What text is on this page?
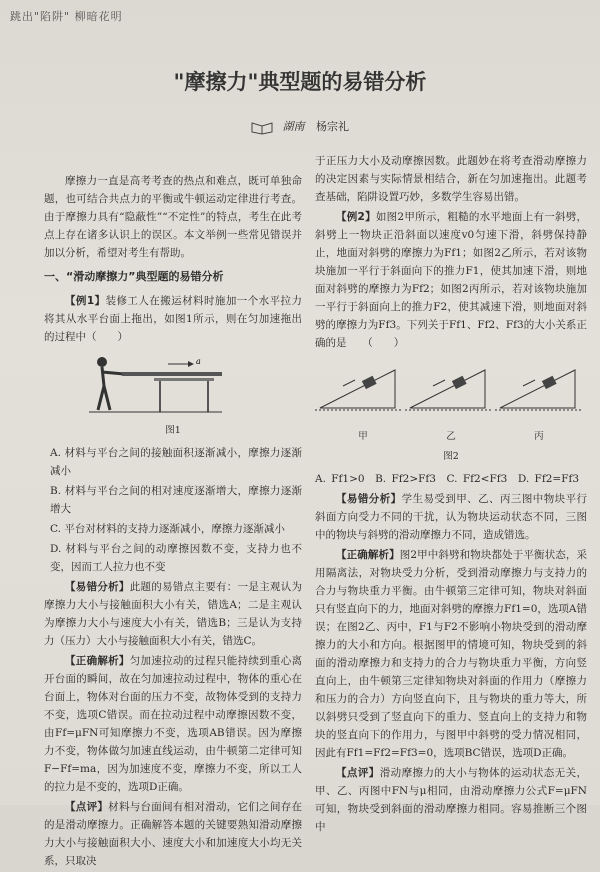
跳出"陷阱" 柳暗花明
"摩擦力"典型题的易错分析
湖南 杨宗礼

摩擦力一直是高考考查的热点和难点，既可单独命题，也可结合共点力的平衡或牛顿运动定律进行考查。由于摩擦力具有“隐蔽性”“不定性”的特点，考生在此考点上存在诸多认识上的误区。本文举例一些常见错误并加以分析，希望对考生有帮助。

一、“滑动摩擦力”典型题的易错分析

【例1】装修工人在搬运材料时施加一个水平拉力将其从水平台面上拖出，如图1所示，则在匀加速拖出的过程中（　　）

a
图1

A. 材料与平台之间的接触面积逐渐减小，摩擦力逐渐减小

B. 材料与平台之间的相对速度逐渐增大，摩擦力逐渐增大

C. 平台对材料的支持力逐渐减小，摩擦力逐渐减小

D. 材料与平台之间的动摩擦因数不变，支持力也不变，因而工人拉力也不变

【易错分析】此题的易错点主要有：一是主观认为摩擦力大小与接触面积大小有关，错选A；二是主观认为摩擦力大小与速度大小有关，错选B；三是认为支持力（压力）大小与接触面积大小有关，错选C。

【正确解析】匀加速拉动的过程只能持续到重心离开台面的瞬间，故在匀加速拉动过程中，物体的重心在台面上，物体对台面的压力不变，故物体受到的支持力不变，选项C错误。而在拉动过程中动摩擦因数不变，由Ff=μFN可知摩擦力不变，选项AB错误。因为摩擦力不变，物体做匀加速直线运动，由牛顿第二定律可知F−Ff=ma，因为加速度不变，摩擦力不变，所以工人的拉力是不变的，选项D正确。

【点评】材料与台面间有相对滑动，它们之间存在的是滑动摩擦力。正确解答本题的关键要熟知滑动摩擦力大小与接触面积大小、速度大小和加速度大小均无关系，只取决

于正压力大小及动摩擦因数。此题妙在将考查滑动摩擦力的决定因素与实际情景相结合，新在匀加速拖出。此题考查基础，陷阱设置巧妙，多数学生容易出错。

【例2】如图2甲所示，粗糙的水平地面上有一斜劈，斜劈上一物块正沿斜面以速度v0匀速下滑，斜劈保持静止，地面对斜劈的摩擦力为Ff1；如图2乙所示，若对该物块施加一平行于斜面向下的推力F1，使其加速下滑，则地面对斜劈的摩擦力为Ff2；如图2丙所示，若对该物块施加一平行于斜面向上的推力F2，使其减速下滑，则地面对斜劈的摩擦力为Ff3。下列关于Ff1、Ff2、Ff3的大小关系正确的是　　（　　）

甲	乙	丙
图2

A. Ff1>0　B. Ff2>Ff3　C. Ff2<Ff3　D. Ff2=Ff3

【易错分析】学生易受到甲、乙、丙三图中物块平行斜面方向受力不同的干扰，认为物块运动状态不同，三图中的物块与斜劈的滑动摩擦力不同，造成错选。

【正确解析】图2甲中斜劈和物块都处于平衡状态，采用隔离法，对物块受力分析，受到滑动摩擦力与支持力的合力与物块重力平衡。由牛顿第三定律可知，物块对斜面只有竖直向下的力，地面对斜劈的摩擦力Ff1=0，选项A错误；在图2乙、丙中，F1与F2不影响小物块受到的滑动摩擦力的大小和方向。根据图甲的情境可知，物块受到的斜面的滑动摩擦力和支持力的合力与物块重力平衡，方向竖直向上，由牛顿第三定律知物块对斜面的作用力（摩擦力和压力的合力）方向竖直向下，且与物块的重力等大，所以斜劈只受到了竖直向下的重力、竖直向上的支持力和物块的竖直向下的作用力，与图甲中斜劈的受力情况相同，因此有Ff1=Ff2=Ff3=0，选项BC错误，选项D正确。

【点评】滑动摩擦力的大小与物体的运动状态无关，甲、乙、丙图中FN与μ相同，由滑动摩擦力公式F=μFN可知，物块受到斜面的滑动摩擦力相同。容易推断三个图中
